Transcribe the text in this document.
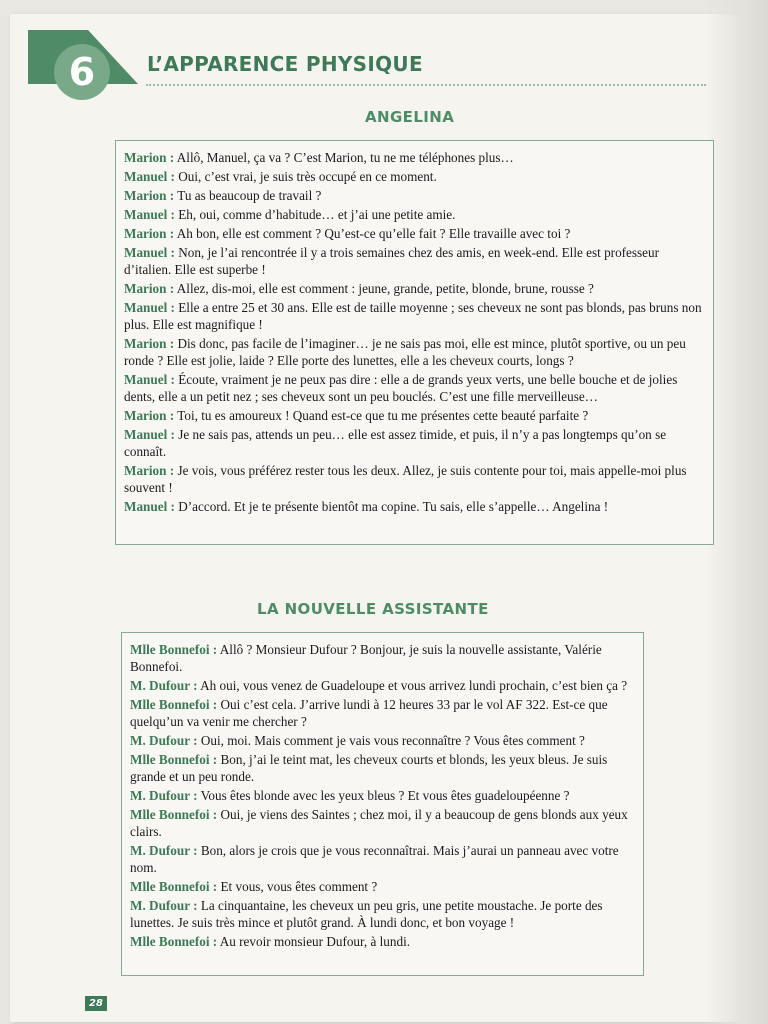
6	L’APPARENCE PHYSIQUE
ANGELINA
Marion : Allô, Manuel, ça va ? C’est Marion, tu ne me téléphones plus…
Manuel : Oui, c’est vrai, je suis très occupé en ce moment.
Marion : Tu as beaucoup de travail ?
Manuel : Eh, oui, comme d’habitude… et j’ai une petite amie.
Marion : Ah bon, elle est comment ? Qu’est-ce qu’elle fait ? Elle travaille avec toi ?
Manuel : Non, je l’ai rencontrée il y a trois semaines chez des amis, en week-end. Elle est professeur d’italien. Elle est superbe !
Marion : Allez, dis-moi, elle est comment : jeune, grande, petite, blonde, brune, rousse ?
Manuel : Elle a entre 25 et 30 ans. Elle est de taille moyenne ; ses cheveux ne sont pas blonds, pas bruns non plus. Elle est magnifique !
Marion : Dis donc, pas facile de l’imaginer… je ne sais pas moi, elle est mince, plutôt sportive, ou un peu ronde ? Elle est jolie, laide ? Elle porte des lunettes, elle a les cheveux courts, longs ?
Manuel : Écoute, vraiment je ne peux pas dire : elle a de grands yeux verts, une belle bouche et de jolies dents, elle a un petit nez ; ses cheveux sont un peu bouclés. C’est une fille merveilleuse…
Marion : Toi, tu es amoureux ! Quand est-ce que tu me présentes cette beauté parfaite ?
Manuel : Je ne sais pas, attends un peu… elle est assez timide, et puis, il n’y a pas longtemps qu’on se connaît.
Marion : Je vois, vous préférez rester tous les deux. Allez, je suis contente pour toi, mais appelle-moi plus souvent !
Manuel : D’accord. Et je te présente bientôt ma copine. Tu sais, elle s’appelle… Angelina !
LA NOUVELLE ASSISTANTE
Mlle Bonnefoi : Allô ? Monsieur Dufour ? Bonjour, je suis la nouvelle assistante, Valérie Bonnefoi.
M. Dufour : Ah oui, vous venez de Guadeloupe et vous arrivez lundi prochain, c’est bien ça ?
Mlle Bonnefoi : Oui c’est cela. J’arrive lundi à 12 heures 33 par le vol AF 322. Est-ce que quelqu’un va venir me chercher ?
M. Dufour : Oui, moi. Mais comment je vais vous reconnaître ? Vous êtes comment ?
Mlle Bonnefoi : Bon, j’ai le teint mat, les cheveux courts et blonds, les yeux bleus. Je suis grande et un peu ronde.
M. Dufour : Vous êtes blonde avec les yeux bleus ? Et vous êtes guadeloupéenne ?
Mlle Bonnefoi : Oui, je viens des Saintes ; chez moi, il y a beaucoup de gens blonds aux yeux clairs.
M. Dufour : Bon, alors je crois que je vous reconnaîtrai. Mais j’aurai un panneau avec votre nom.
Mlle Bonnefoi : Et vous, vous êtes comment ?
M. Dufour : La cinquantaine, les cheveux un peu gris, une petite moustache. Je porte des lunettes. Je suis très mince et plutôt grand. À lundi donc, et bon voyage !
Mlle Bonnefoi : Au revoir monsieur Dufour, à lundi.
28
